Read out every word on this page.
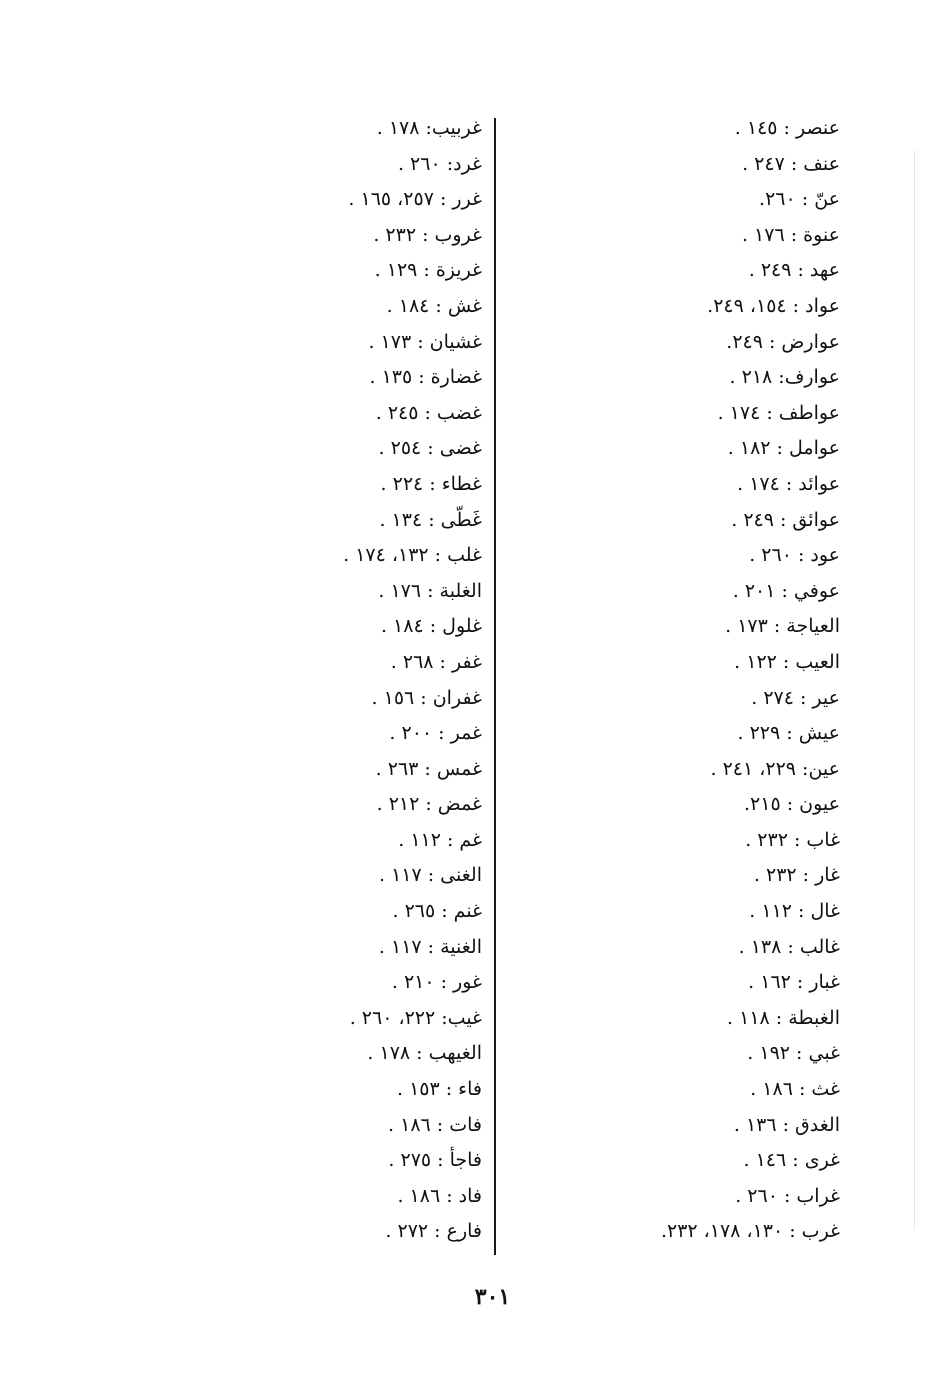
عنصر : ١٤٥ .
عنف : ٢٤٧ .
عنّ : ٢٦٠.
عنوة : ١٧٦ .
عهد : ٢٤٩ .
عواد : ١٥٤، ٢٤٩.
عوارض : ٢٤٩.
عوارف: ٢١٨ .
عواطف : ١٧٤ .
عوامل : ١٨٢ .
عوائد : ١٧٤ .
عوائق : ٢٤٩ .
عود : ٢٦٠ .
عوفي : ٢٠١ .
العياجة : ١٧٣ .
العيب : ١٢٢ .
عير : ٢٧٤ .
عيش : ٢٢٩ .
عين: ٢٢٩، ٢٤١ .
عيون : ٢١٥.
غاب : ٢٣٢ .
غار : ٢٣٢ .
غال : ١١٢ .
غالب : ١٣٨ .
غبار : ١٦٢ .
الغبطة : ١١٨ .
غبي : ١٩٢ .
غث : ١٨٦ .
الغدق : ١٣٦ .
غرى : ١٤٦ .
غراب : ٢٦٠ .
غرب : ١٣٠، ١٧٨، ٢٣٢.
غربيب: ١٧٨ .
غرد: ٢٦٠ .
غرر : ٢٥٧، ١٦٥ .
غروب : ٢٣٢ .
غريزة : ١٢٩ .
غش : ١٨٤ .
غشيان : ١٧٣ .
غضارة : ١٣٥ .
غضب : ٢٤٥ .
غضى : ٢٥٤ .
غطاء : ٢٢٤ .
غَطّى : ١٣٤ .
غلب : ١٣٢، ١٧٤ .
الغلبة : ١٧٦ .
غلول : ١٨٤ .
غفر : ٢٦٨ .
غفران : ١٥٦ .
غمر : ٢٠٠ .
غمس : ٢٦٣ .
غمض : ٢١٢ .
غم : ١١٢ .
الغنى : ١١٧ .
غنم : ٢٦٥ .
الغنية : ١١٧ .
غور : ٢١٠ .
غيب: ٢٢٢، ٢٦٠ .
الغيهب : ١٧٨ .
فاء : ١٥٣ .
فات : ١٨٦ .
فاجأ : ٢٧٥ .
فاد : ١٨٦ .
فارع : ٢٧٢ .
٣٠١
